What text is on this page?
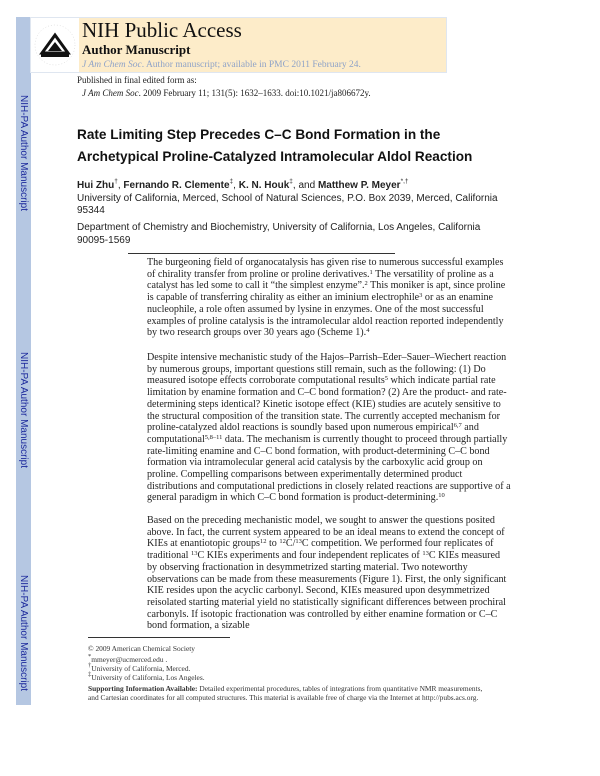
NIH-PA Author Manuscript
NIH-PA Author Manuscript
NIH-PA Author Manuscript
NIH Public Access
Author Manuscript
J Am Chem Soc. Author manuscript; available in PMC 2011 February 24.
Published in final edited form as:
J Am Chem Soc. 2009 February 11; 131(5): 1632–1633. doi:10.1021/ja806672y.
Rate Limiting Step Precedes C–C Bond Formation in the
Archetypical Proline-Catalyzed Intramolecular Aldol Reaction
Hui Zhu†, Fernando R. Clemente‡, K. N. Houk‡, and Matthew P. Meyer*,†
University of California, Merced, School of Natural Sciences, P.O. Box 2039, Merced, California
95344
Department of Chemistry and Biochemistry, University of California, Los Angeles, California
90095-1569
The burgeoning field of organocatalysis has given rise to numerous successful examples of chirality transfer from proline or proline derivatives.$^1$ The versatility of proline as a catalyst has led some to call it “the simplest enzyme”.$^2$ This moniker is apt, since proline is capable of transferring chirality as either an iminium electrophile$^3$ or as an enamine nucleophile, a role often assumed by lysine in enzymes. One of the most successful examples of proline catalysis is the intramolecular aldol reaction reported independently by two research groups over 30 years ago (Scheme 1).$^4$
Despite intensive mechanistic study of the Hajos–Parrish–Eder–Sauer–Wiechert reaction by numerous groups, important questions still remain, such as the following: (1) Do measured isotope effects corroborate computational results$^5$ which indicate partial rate limitation by enamine formation and C–C bond formation? (2) Are the product- and rate-determining steps identical? Kinetic isotope effect (KIE) studies are acutely sensitive to the structural composition of the transition state. The currently accepted mechanism for proline-catalyzed aldol reactions is soundly based upon numerous empirical$^{6,7}$ and computational$^{5,8-11}$ data. The mechanism is currently thought to proceed through partially rate-limiting enamine and C–C bond formation, with product-determining C–C bond formation via intramolecular general acid catalysis by the carboxylic acid group on proline. Compelling comparisons between experimentally determined product distributions and computational predictions in closely related reactions are supportive of a general paradigm in which C–C bond formation is product-determining.$^{10}$
Based on the preceding mechanistic model, we sought to answer the questions posited above. In fact, the current system appeared to be an ideal means to extend the concept of KIEs at enantiotopic groups$^{12}$ to $^{12}$C/$^{13}$C competition. We performed four replicates of traditional $^{13}$C KIEs experiments and four independent replicates of $^{13}$C KIEs measured by observing fractionation in desymmetrized starting material. Two noteworthy observations can be made from these measurements (Figure 1). First, the only significant KIE resides upon the acyclic carbonyl. Second, KIEs measured upon desymmetrized reisolated starting material yield no statistically significant differences between prochiral carbonyls. If isotopic fractionation was controlled by either enamine formation or C–C bond formation, a sizable
© 2009 American Chemical Society
*mmeyer@ucmerced.edu .
†University of California, Merced.
‡University of California, Los Angeles.
Supporting Information Available: Detailed experimental procedures, tables of integrations from quantitative NMR measurements,
and Cartesian coordinates for all computed structures. This material is available free of charge via the Internet at http://pubs.acs.org.
